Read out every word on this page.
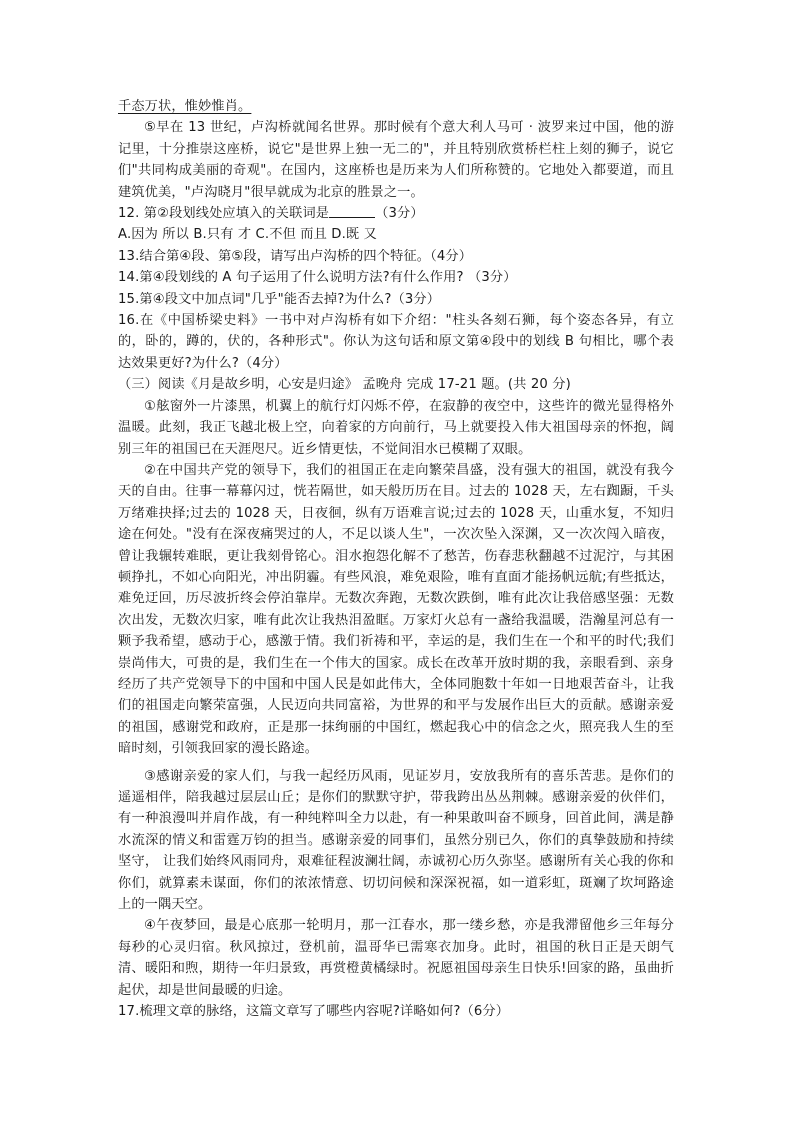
千态万状，惟妙惟肖。

⑤早在 13 世纪，卢沟桥就闻名世界。那时候有个意大利人马可 · 波罗来过中国，他的游记里，十分推崇这座桥，说它"是世界上独一无二的"，并且特别欣赏桥栏柱上刻的狮子，说它们"共同构成美丽的奇观"。在国内，这座桥也是历来为人们所称赞的。它地处入都要道，而且建筑优美，"卢沟晓月"很早就成为北京的胜景之一。

12. 第②段划线处应填入的关联词是	（3分）

A.因为 所以 B.只有 才 C.不但 而且 D.既 又

13.结合第④段、第⑤段，请写出卢沟桥的四个特征。（4分）

14.第④段划线的 A 句子运用了什么说明方法?有什么作用? （3分）

15.第④段文中加点词"几乎"能否去掉?为什么?（3分）

16.在《中国桥梁史料》一书中对卢沟桥有如下介绍："柱头各刻石狮，每个姿态各异，有立的，卧的，蹲的，伏的，各种形式"。你认为这句话和原文第④段中的划线 B 句相比，哪个表达效果更好?为什么?（4分）

（三）阅读《月是故乡明，心安是归途》 孟晚舟 完成 17-21 题。(共 20 分)

①舷窗外一片漆黑，机翼上的航行灯闪烁不停，在寂静的夜空中，这些许的微光显得格外温暖。此刻，我正飞越北极上空，向着家的方向前行，马上就要投入伟大祖国母亲的怀抱，阔别三年的祖国已在天涯咫尺。近乡情更怯，不觉间泪水已模糊了双眼。

②在中国共产党的领导下，我们的祖国正在走向繁荣昌盛，没有强大的祖国，就没有我今天的自由。往事一幕幕闪过，恍若隔世，如天般历历在目。过去的 1028 天，左右踟蹰，千头万绪难抉择;过去的 1028 天，日夜徊，纵有万语难言说;过去的 1028 天，山重水复，不知归途在何处。"没有在深夜痛哭过的人，不足以谈人生"，一次次坠入深渊，又一次次闯入暗夜，曾让我辗转难眠，更让我刻骨铭心。泪水抱怨化解不了愁苦，伤春悲秋翻越不过泥泞，与其困顿挣扎，不如心向阳光，冲出阴霾。有些风浪，难免艰险，唯有直面才能扬帆远航;有些抵达， 难免迂回，历尽波折终会停泊靠岸。无数次奔跑，无数次跌倒，唯有此次让我倍感坚强：无数次出发，无数次归家，唯有此次让我热泪盈眶。万家灯火总有一盏给我温暖，浩瀚星河总有一颗予我希望，感动于心，感激于情。我们祈祷和平，幸运的是，我们生在一个和平的时代;我们崇尚伟大，可贵的是，我们生在一个伟大的国家。成长在改革开放时期的我，亲眼看到、亲身经历了共产党领导下的中国和中国人民是如此伟大，全体同胞数十年如一日地艰苦奋斗，让我们的祖国走向繁荣富强，人民迈向共同富裕，为世界的和平与发展作出巨大的贡献。感谢亲爱的祖国，感谢党和政府，正是那一抹绚丽的中国红，燃起我心中的信念之火，照亮我人生的至暗时刻，引领我回家的漫长路途。

③感谢亲爱的家人们，与我一起经历风雨，见证岁月，安放我所有的喜乐苦悲。是你们的遥遥相伴，陪我越过层层山丘；是你们的默默守护，带我跨出丛丛荆棘。感谢亲爱的伙伴们，有一种浪漫叫并肩作战，有一种纯粹叫全力以赴，有一种果敢叫奋不顾身，回首此间，满是静水流深的情义和雷霆万钧的担当。感谢亲爱的同事们，虽然分别已久，你们的真挚鼓励和持续坚守， 让我们始终风雨同舟，艰难征程波澜壮阔，赤诚初心历久弥坚。感谢所有关心我的你和你们，就算素未谋面，你们的浓浓情意、切切问候和深深祝福，如一道彩虹，斑斓了坎坷路途上的一隅天空。

④午夜梦回，最是心底那一轮明月，那一江春水，那一缕乡愁，亦是我滞留他乡三年每分每秒的心灵归宿。秋风掠过，登机前，温哥华已需寒衣加身。此时，祖国的秋日正是天朗气清、暖阳和煦，期待一年归景致，再赏橙黄橘绿时。祝愿祖国母亲生日快乐!回家的路，虽曲折起伏，却是世间最暖的归途。

17.梳理文章的脉络，这篇文章写了哪些内容呢?详略如何?（6分）
